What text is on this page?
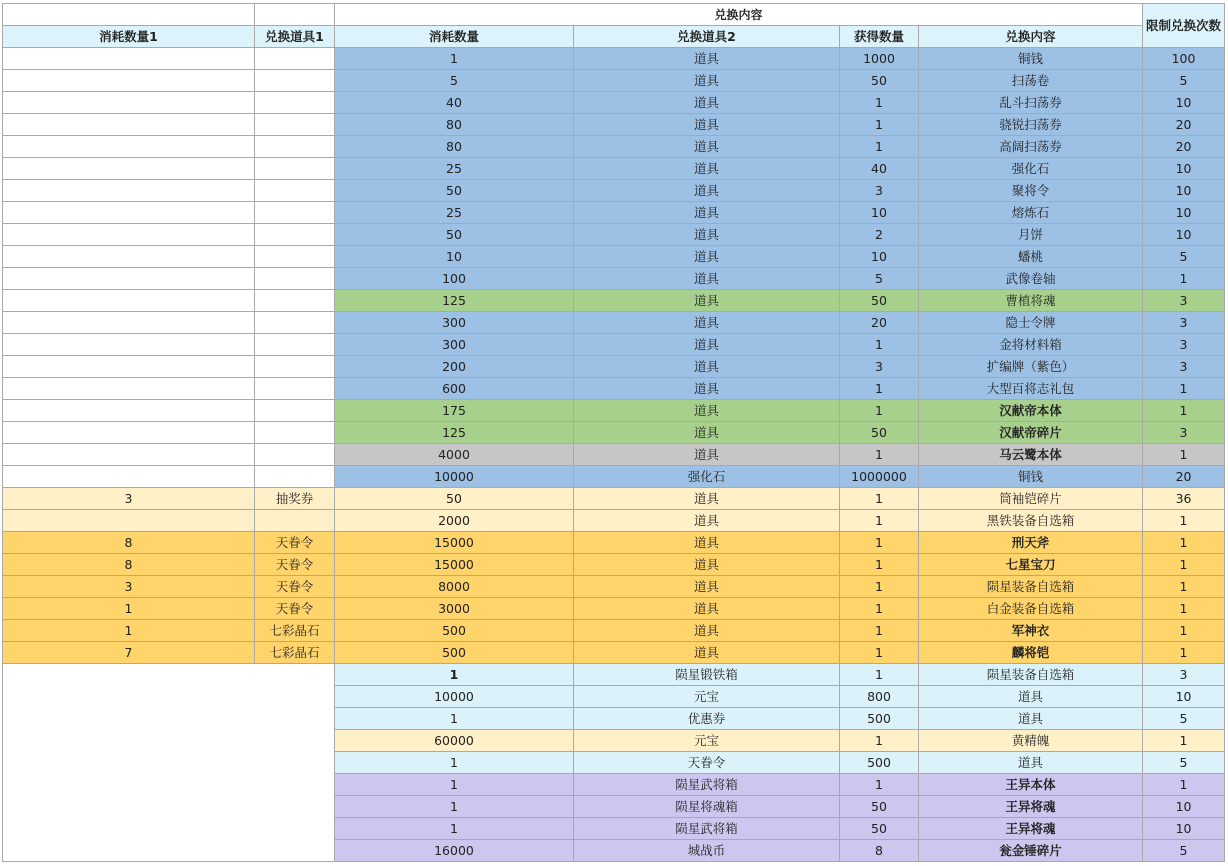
		兑换内容				限制兑换次数
消耗数量1	兑换道具1	消耗数量	兑换道具2	获得数量	兑换内容	
		1	道具	1000	铜钱	100
		5	道具	50	扫荡卷	5
		40	道具	1	乱斗扫荡券	10
		80	道具	1	骁锐扫荡券	20
		80	道具	1	高阔扫荡券	20
		25	道具	40	强化石	10
		50	道具	3	聚将令	10
		25	道具	10	熔炼石	10
		50	道具	2	月饼	10
		10	道具	10	蟠桃	5
		100	道具	5	武像卷轴	1
		125	道具	50	曹植将魂	3
		300	道具	20	隐士令牌	3
		300	道具	1	金将材料箱	3
		200	道具	3	扩编牌（紫色）	3
		600	道具	1	大型百将志礼包	1
		175	道具	1	汉献帝本体	1
		125	道具	50	汉献帝碎片	3
		4000	道具	1	马云鹭本体	1
		10000	强化石	1000000	铜钱	20
3	抽奖券	50	道具	1	筒袖铠碎片	36
		2000	道具	1	黑铁装备自选箱	1
8	天眷令	15000	道具	1	刑天斧	1
8	天眷令	15000	道具	1	七星宝刀	1
3	天眷令	8000	道具	1	陨星装备自选箱	1
1	天眷令	3000	道具	1	白金装备自选箱	1
1	七彩晶石	500	道具	1	军神衣	1
7	七彩晶石	500	道具	1	麟将铠	1
		1	陨星锻铁箱	1	陨星装备自选箱	3
		10000	元宝	800	道具	10
		1	优惠券	500	道具	5
		60000	元宝	1	黄精魄	1
		1	天眷令	500	道具	5
		1	陨星武将箱	1	王异本体	1
		1	陨星将魂箱	50	王异将魂	10
		1	陨星武将箱	50	王异将魂	10
		16000	城战币	8	瓮金锤碎片	5
